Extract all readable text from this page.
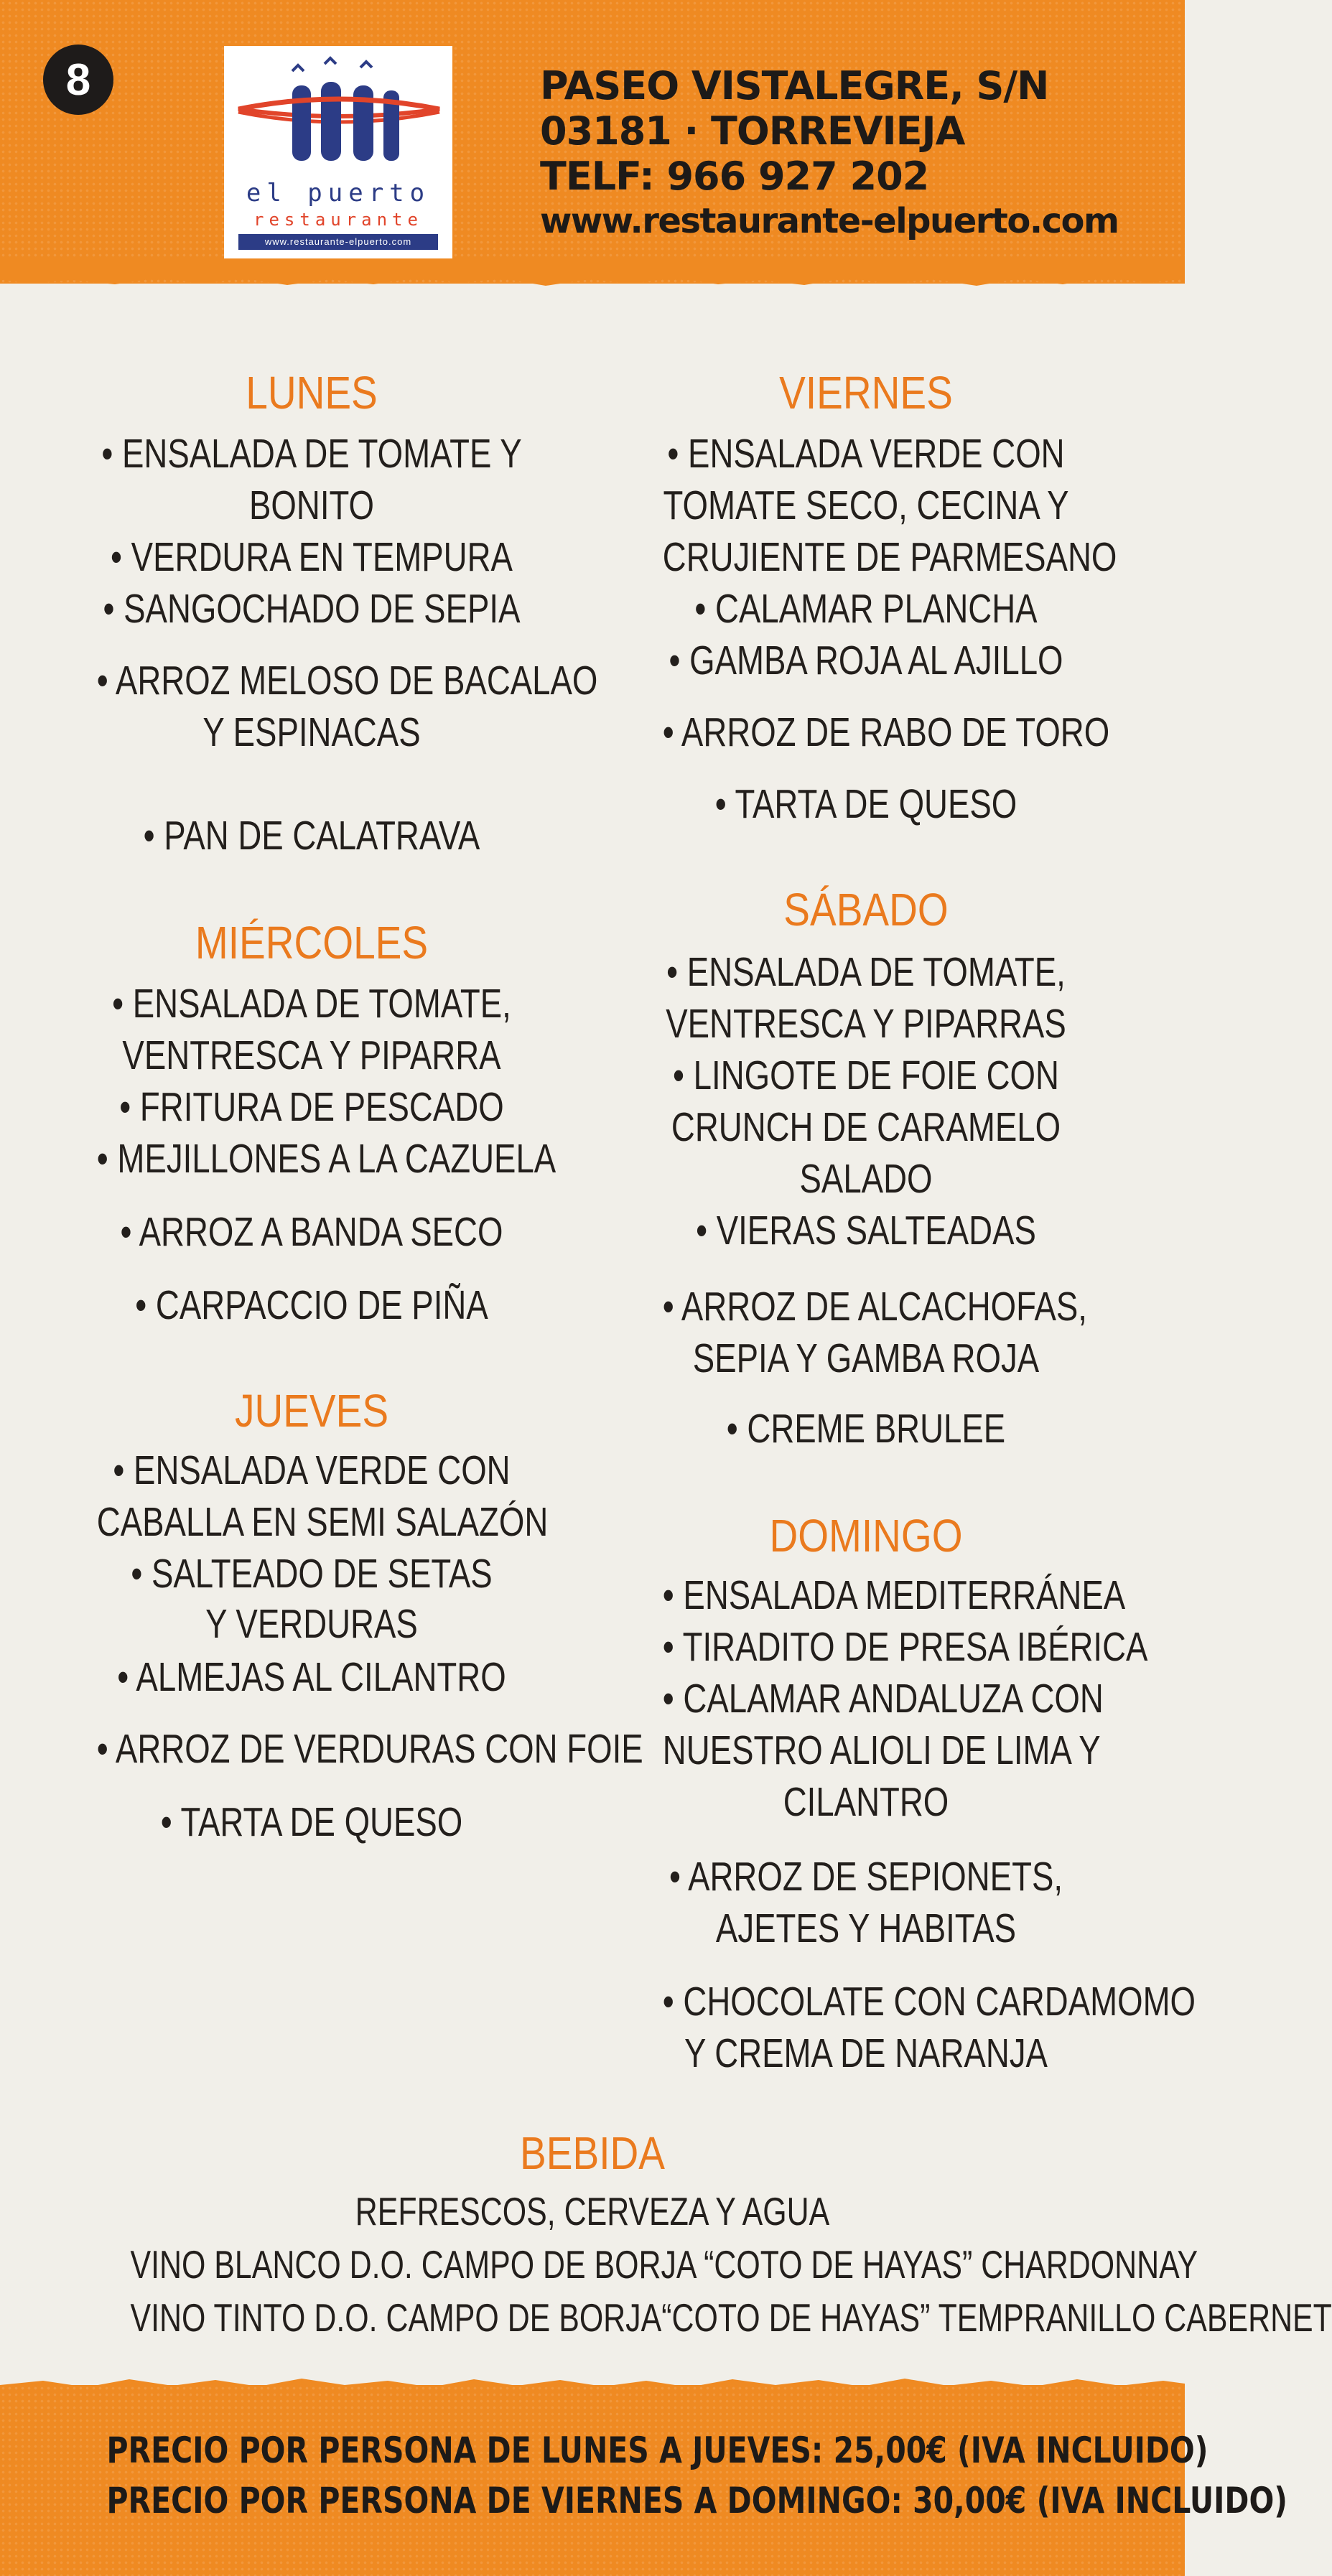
8
el puerto
restaurante
www.restaurante-elpuerto.com
PASEO VISTALEGRE, S/N
03181 · TORREVIEJA
TELF: 966 927 202
www.restaurante-elpuerto.com
LUNES
• ENSALADA DE TOMATE Y
BONITO
• VERDURA EN TEMPURA
• SANGOCHADO DE SEPIA
• ARROZ MELOSO DE BACALAO
Y ESPINACAS
• PAN DE CALATRAVA
MIÉRCOLES
• ENSALADA DE TOMATE,
VENTRESCA Y PIPARRA
• FRITURA DE PESCADO
• MEJILLONES A LA CAZUELA
• ARROZ A BANDA SECO
• CARPACCIO DE PIÑA
JUEVES
• ENSALADA VERDE CON
CABALLA EN SEMI SALAZÓN
• SALTEADO DE SETAS
Y VERDURAS
• ALMEJAS AL CILANTRO
• ARROZ DE VERDURAS CON FOIE
• TARTA DE QUESO
VIERNES
• ENSALADA VERDE CON
TOMATE SECO, CECINA Y
CRUJIENTE DE PARMESANO
• CALAMAR PLANCHA
• GAMBA ROJA AL AJILLO
• ARROZ DE RABO DE TORO
• TARTA DE QUESO
SÁBADO
• ENSALADA DE TOMATE,
VENTRESCA Y PIPARRAS
• LINGOTE DE FOIE CON
CRUNCH DE CARAMELO
SALADO
• VIERAS SALTEADAS
• ARROZ DE ALCACHOFAS,
SEPIA Y GAMBA ROJA
• CREME BRULEE
DOMINGO
• ENSALADA MEDITERRÁNEA
• TIRADITO DE PRESA IBÉRICA
• CALAMAR ANDALUZA CON
NUESTRO ALIOLI DE LIMA Y
CILANTRO
• ARROZ DE SEPIONETS,
AJETES Y HABITAS
• CHOCOLATE CON CARDAMOMO
Y CREMA DE NARANJA
BEBIDA
REFRESCOS, CERVEZA Y AGUA
VINO BLANCO D.O. CAMPO DE BORJA “COTO DE HAYAS” CHARDONNAY
VINO TINTO D.O. CAMPO DE BORJA“COTO DE HAYAS” TEMPRANILLO CABERNET
PRECIO POR PERSONA DE LUNES A JUEVES: 25,00€ (IVA INCLUIDO)
PRECIO POR PERSONA DE VIERNES A DOMINGO: 30,00€ (IVA INCLUIDO)
